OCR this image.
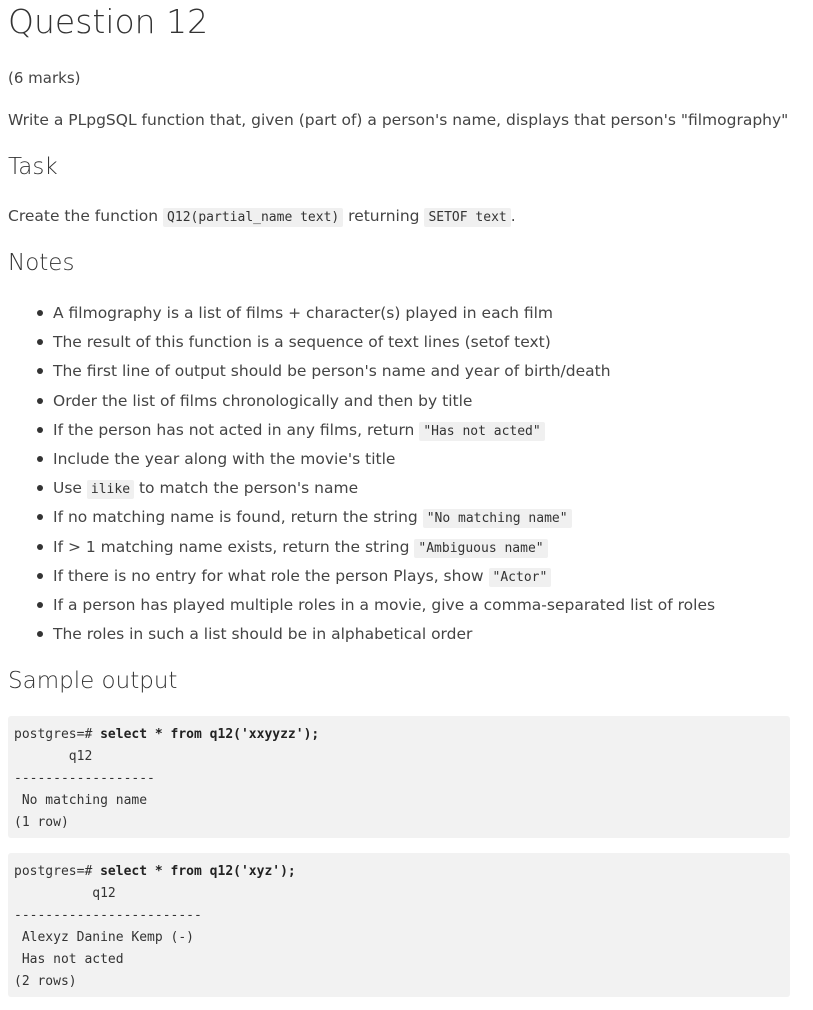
Question 12
(6 marks)
Write a PLpgSQL function that, given (part of) a person's name, displays that person's "filmography"
Task
Create the function Q12(partial_name text) returning SETOF text .
Notes
A filmography is a list of films + character(s) played in each film
The result of this function is a sequence of text lines (setof text)
The first line of output should be person's name and year of birth/death
Order the list of films chronologically and then by title
If the person has not acted in any films, return "Has not acted"
Include the year along with the movie's title
Use ilike to match the person's name
If no matching name is found, return the string "No matching name"
If > 1 matching name exists, return the string "Ambiguous name"
If there is no entry for what role the person Plays, show "Actor"
If a person has played multiple roles in a movie, give a comma-separated list of roles
The roles in such a list should be in alphabetical order
Sample output
postgres=# select * from q12('xxyyzz');
q12
------------------
No matching name
(1 row)
postgres=# select * from q12('xyz');
q12
------------------------
Alexyz Danine Kemp (-)
Has not acted
(2 rows)
